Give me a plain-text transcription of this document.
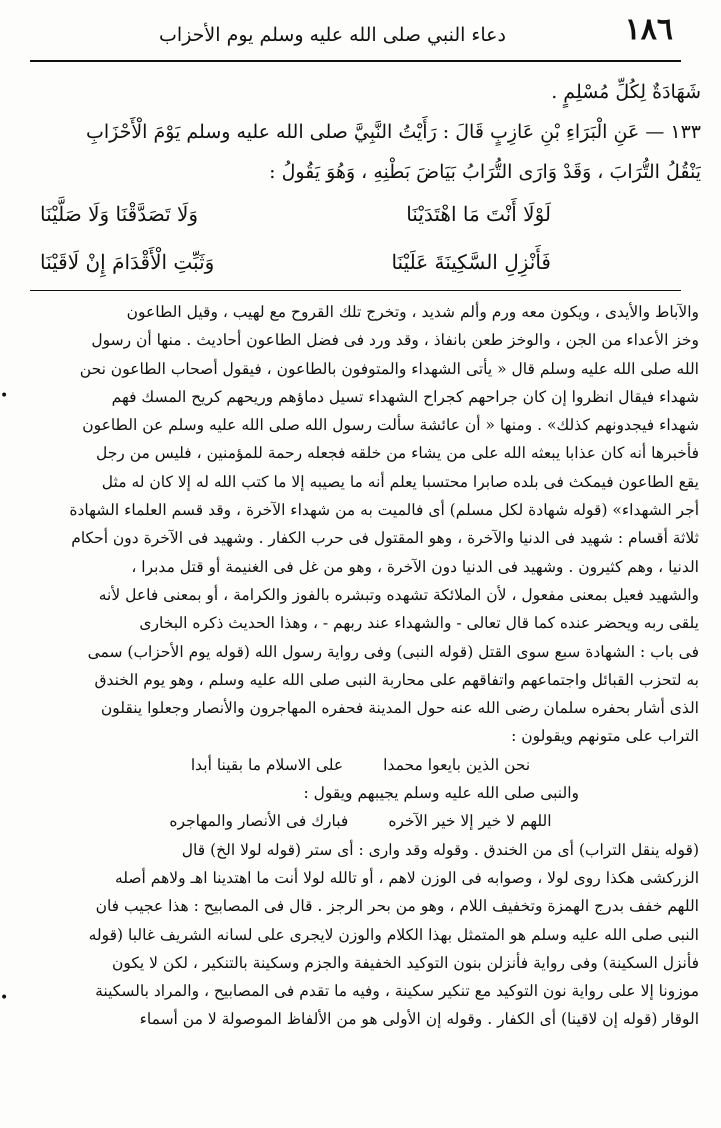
١٨٦
دعاء النبي صلى الله عليه وسلم يوم الأحزاب
شَهَادَةٌ لِكُلِّ مُسْلِمٍ .
١٣٣ — عَنِ الْبَرَاءِ بْنِ عَازِبٍ قَالَ : رَأَيْتُ النَّبِيَّ صلى الله عليه وسلم يَوْمَ الْأَحْزَابِ
يَنْقُلُ التُّرَابَ ، وَقَدْ وَارَى التُّرَابُ بَيَاضَ بَطْنِهِ ، وَهُوَ يَقُولُ :
لَوْلَا أَنْتَ مَا اهْتَدَيْنَا
وَلَا تَصَدَّقْنَا وَلَا صَلَّيْنَا
فَأَنْزِلِ السَّكِينَةَ عَلَيْنَا
وَثَبِّتِ الْأَقْدَامَ إِنْ لَاقَيْنَا
والآباط والأيدى ، ويكون معه ورم وألم شديد ، وتخرج تلك القروح مع لهيب ، وقيل الطاعون
وخز الأعداء من الجن ، والوخز طعن بانفاذ ، وقد ورد فى فضل الطاعون أحاديث . منها أن رسول
الله صلى الله عليه وسلم قال « يأتى الشهداء والمتوفون بالطاعون ، فيقول أصحاب الطاعون نحن
شهداء فيقال انظروا إن كان جراحهم كجراح الشهداء تسيل دماؤهم وريحهم كريح المسك فهم
شهداء فيجدونهم كذلك» . ومنها « أن عائشة سألت رسول الله صلى الله عليه وسلم عن الطاعون
فأخبرها أنه كان عذابا يبعثه الله على من يشاء من خلقه فجعله رحمة للمؤمنين ، فليس من رجل
يقع الطاعون فيمكث فى بلده صابرا محتسبا يعلم أنه ما يصيبه إلا ما كتب الله له إلا كان له مثل
أجر الشهداء» (قوله شهادة لكل مسلم) أى فالميت به من شهداء الآخرة ، وقد قسم العلماء الشهادة
ثلاثة أقسام : شهيد فى الدنيا والآخرة ، وهو المقتول فى حرب الكفار . وشهيد فى الآخرة دون أحكام
الدنيا ، وهم كثيرون . وشهيد فى الدنيا دون الآخرة ، وهو من غل فى الغنيمة أو قتل مدبرا ،
والشهيد فعيل بمعنى مفعول ، لأن الملائكة تشهده وتبشره بالفوز والكرامة ، أو بمعنى فاعل لأنه
يلقى ربه ويحضر عنده كما قال تعالى - والشهداء عند ربهم - ، وهذا الحديث ذكره البخارى
فى باب : الشهادة سبع سوى القتل (قوله النبى) وفى رواية رسول الله (قوله يوم الأحزاب) سمى
به لتحزب القبائل واجتماعهم واتفاقهم على محاربة النبى صلى الله عليه وسلم ، وهو يوم الخندق
الذى أشار بحفره سلمان رضى الله عنه حول المدينة فحفره المهاجرون والأنصار وجعلوا ينقلون
التراب على متونهم ويقولون :
نحن الذين بايعوا محمدا
على الاسلام ما بقينا أبدا
والنبى صلى الله عليه وسلم يجيبهم ويقول :
اللهم لا خير إلا خير الآخره
فبارك فى الأنصار والمهاجره
(قوله ينقل التراب) أى من الخندق . وقوله وقد وارى : أى ستر (قوله لولا الخ) قال
الزركشى هكذا روى لولا ، وصوابه فى الوزن لاهم ، أو تالله لولا أنت ما اهتدينا اهـ ولاهم أصله
اللهم خفف بدرج الهمزة وتخفيف اللام ، وهو من بحر الرجز . قال فى المصابيح : هذا عجيب فان
النبى صلى الله عليه وسلم هو المتمثل بهذا الكلام والوزن لايجرى على لسانه الشريف غالبا (قوله
فأنزل السكينة) وفى رواية فأنزلن بنون التوكيد الخفيفة والجزم وسكينة بالتنكير ، لكن لا يكون
موزونا إلا على رواية نون التوكيد مع تنكير سكينة ، وفيه ما تقدم فى المصابيح ، والمراد بالسكينة
الوقار (قوله إن لاقينا) أى الكفار . وقوله إن الأولى هو من الألفاظ الموصولة لا من أسماء
•
•
